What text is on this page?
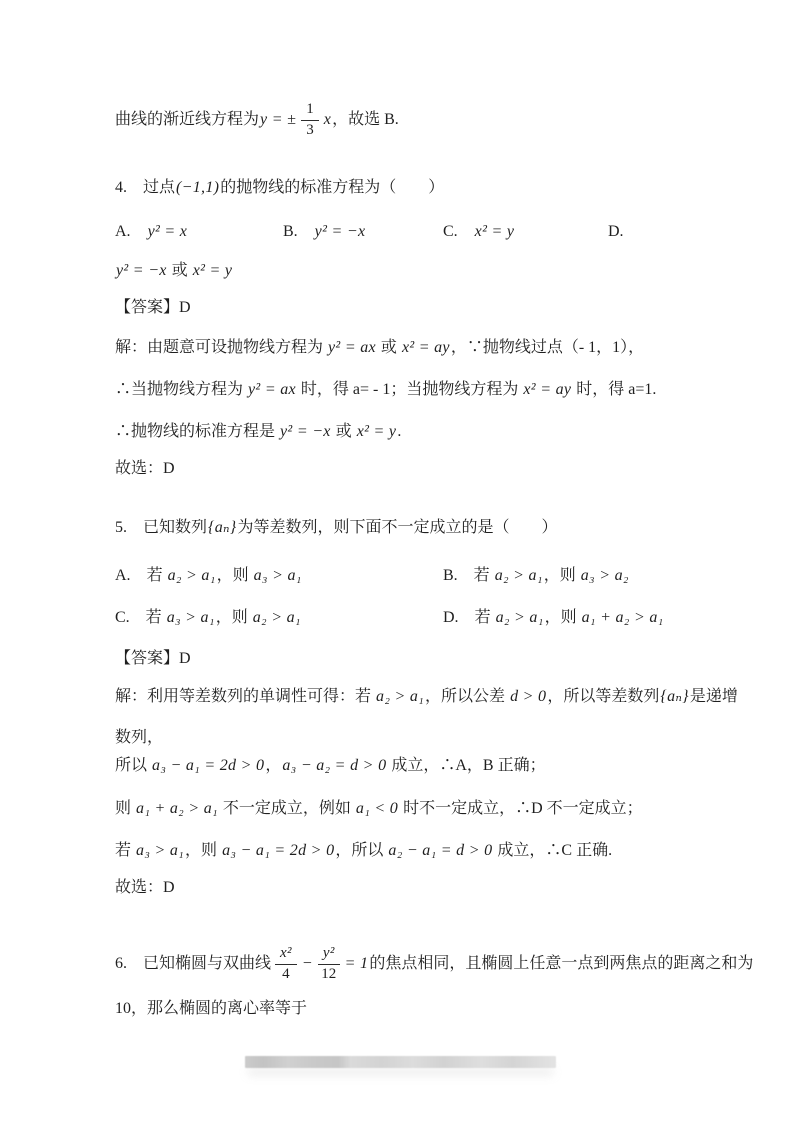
曲线的渐近线方程为y = ± $\frac{1}{3}$ x，故选 B.
4.　过点(−1,1)的抛物线的标准方程为（　　）
A. y² = x	B. y² = −x	C. x² = y	D.
y² = −x 或 x² = y
【答案】D
解：由题意可设抛物线方程为 y² = ax 或 x² = ay，∵抛物线过点（- 1，1），
∴当抛物线方程为 y² = ax 时，得 a= - 1；当抛物线方程为 x² = ay 时，得 a=1.
∴抛物线的标准方程是 y² = −x 或 x² = y.
故选：D
5.　已知数列{aₙ}为等差数列，则下面不一定成立的是（　　）
A. 若 a₂ > a₁，则 a₃ > a₁	B. 若 a₂ > a₁，则 a₃ > a₂
C. 若 a₃ > a₁，则 a₂ > a₁	D. 若 a₂ > a₁，则 a₁ + a₂ > a₁
【答案】D
解：利用等差数列的单调性可得：若 a₂ > a₁，所以公差 d > 0，所以等差数列{aₙ}是递增
数列，
所以 a₃ − a₁ = 2d > 0，a₃ − a₂ = d > 0 成立，∴A，B 正确；
则 a₁ + a₂ > a₁ 不一定成立，例如 a₁ < 0 时不一定成立，∴D 不一定成立；
若 a₃ > a₁，则 a₃ − a₁ = 2d > 0，所以 a₂ − a₁ = d > 0 成立，∴C 正确.
故选：D
6.　已知椭圆与双曲线 $\frac{\text{x²}}{4} - \frac{\text{y²}}{12} = 1$的焦点相同，且椭圆上任意一点到两焦点的距离之和为
10，那么椭圆的离心率等于
